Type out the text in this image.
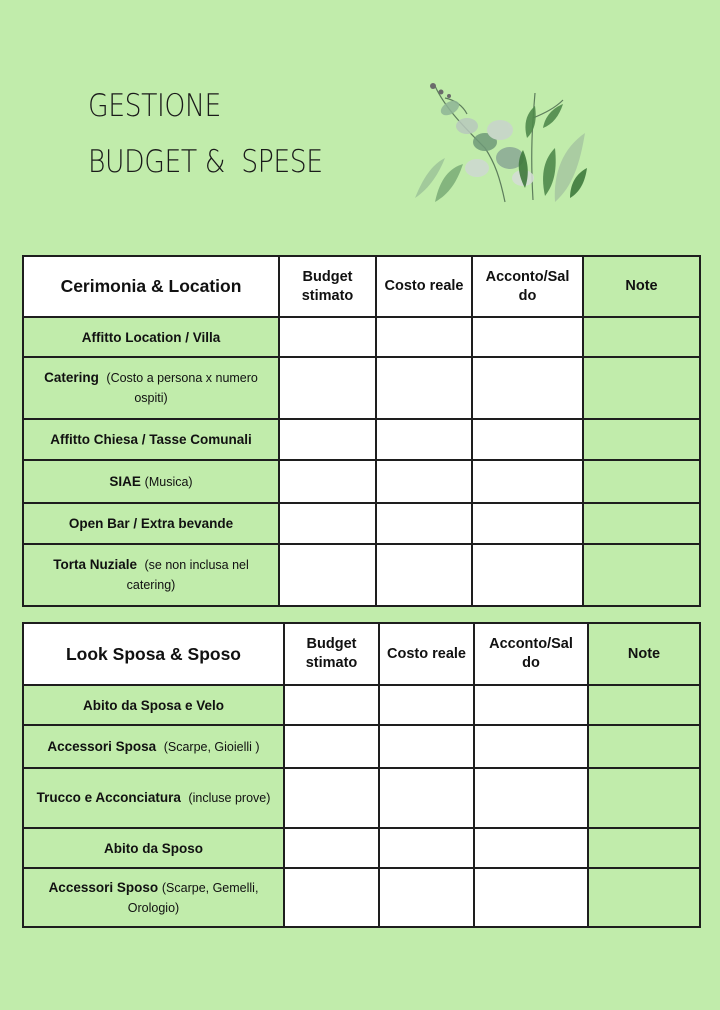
GESTIONE
BUDGET &  SPESE
Cerimonia & Location	Budget stimato	Costo reale	Acconto/Sal do	Note
Affitto Location / Villa				
Catering (Costo a persona x numero ospiti)				
Affitto Chiesa / Tasse Comunali				
SIAE (Musica)				
Open Bar / Extra bevande				
Torta Nuziale (se non inclusa nel catering)				
Look Sposa & Sposo	Budget stimato	Costo reale	Acconto/Sal do	Note
Abito da Sposa e Velo				
Accessori Sposa (Scarpe, Gioielli )				
Trucco e Acconciatura (incluse prove)				
Abito da Sposo				
Accessori Sposo (Scarpe, Gemelli, Orologio)				
